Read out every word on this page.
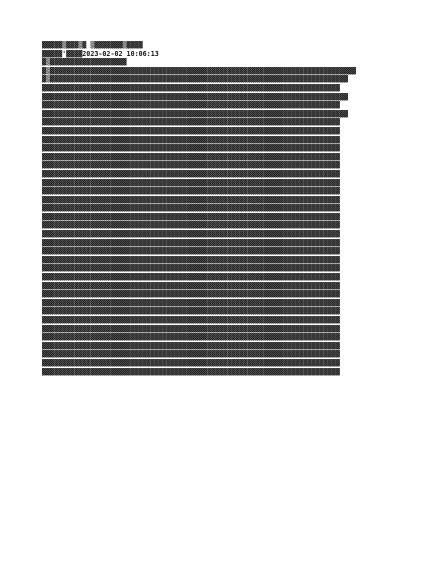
▓▓▓▓▓▒▓▓▓▒▓ ▒▓▓▓▓▓▓▓▒▓▓▓▓

▓▓▓▓▓'▓▓▓▓2023-02-02 10:06:13

▓▒▓▓▓▓▓▓▓▓▓▓▓▓▓▓▓▓▓▓▓

▓▒▓▓▓▓▓▓▓▓▓▓▓▓▓▓▓▓▓▓▓▓▓▓▓▓▓▓▓▓▓▓▓▓▓▓▓▓▓▓▓▓▓▓▓▓▓▓▓▓▓▓▓▓▓▓▓▓▓▓▓▓▓▓▓▓▓▓▓▓▓▓▓▓▓▓▓▓

▓▒▓▓▓▓▓▓▓▓▓▓▓▓▓▓▓▓▓▓▓▓▓▓▓▓▓▓▓▓▓▓▓▓▓▓▓▓▓▓▓▓▓▓▓▓▓▓▓▓▓▓▓▓▓▓▓▓▓▓▓▓▓▓▓▓▓▓▓▓▓▓▓▓▓▓

▓▓▓▓▓▓▓▓▓▓▓▓▓▓▓▓▓▓▓▓▓▓▓▓▓▓▓▓▓▓▓▓▓▓▓▓▓▓▓▓▓▓▓▓▓▓▓▓▓▓▓▓▓▓▓▓▓▓▓▓▓▓▓▓▓▓▓▓▓▓▓▓▓▓

▓▓▓▓▓▓▓▓▓▓▓▓▓▓▓▓▓▓▓▓▓▓▓▓▓▓▓▓▓▓▓▓▓▓▓▓▓▓▓▓▓▓▓▓▓▓▓▓▓▓▓▓▓▓▓▓▓▓▓▓▓▓▓▓▓▓▓▓▓▓▓▓▓▓▓▓

▓▓▓▓▓▓▓▓▓▓▓▓▓▓▓▓▓▓▓▓▓▓▓▓▓▓▓▓▓▓▓▓▓▓▓▓▓▓▓▓▓▓▓▓▓▓▓▓▓▓▓▓▓▓▓▓▓▓▓▓▓▓▓▓▓▓▓▓▓▓▓▓▓▓

▓▓▓▓▓▓▓▓▓▓▓▓▓▓▓▓▓▓▓▓▓▓▓▓▓▓▓▓▓▓▓▓▓▓▓▓▓▓▓▓▓▓▓▓▓▓▓▓▓▓▓▓▓▓▓▓▓▓▓▓▓▓▓▓▓▓▓▓▓▓▓▓▓▓▓▓

▓▓▓▓▓▓▓▓▓▓▓▓▓▓▓▓▓▓▓▓▓▓▓▓▓▓▓▓▓▓▓▓▓▓▓▓▓▓▓▓▓▓▓▓▓▓▓▓▓▓▓▓▓▓▓▓▓▓▓▓▓▓▓▓▓▓▓▓▓▓▓▓▓▓

▓▓▓▓▓▓▓▓▓▓▓▓▓▓▓▓▓▓▓▓▓▓▓▓▓▓▓▓▓▓▓▓▓▓▓▓▓▓▓▓▓▓▓▓▓▓▓▓▓▓▓▓▓▓▓▓▓▓▓▓▓▓▓▓▓▓▓▓▓▓▓▓▓▓

▓▓▓▓▓▓▓▓▓▓▓▓▓▓▓▓▓▓▓▓▓▓▓▓▓▓▓▓▓▓▓▓▓▓▓▓▓▓▓▓▓▓▓▓▓▓▓▓▓▓▓▓▓▓▓▓▓▓▓▓▓▓▓▓▓▓▓▓▓▓▓▓▓▓

▓▓▓▓▓▓▓▓▓▓▓▓▓▓▓▓▓▓▓▓▓▓▓▓▓▓▓▓▓▓▓▓▓▓▓▓▓▓▓▓▓▓▓▓▓▓▓▓▓▓▓▓▓▓▓▓▓▓▓▓▓▓▓▓▓▓▓▓▓▓▓▓▓▓

▓▓▓▓▓▓▓▓▓▓▓▓▓▓▓▓▓▓▓▓▓▓▓▓▓▓▓▓▓▓▓▓▓▓▓▓▓▓▓▓▓▓▓▓▓▓▓▓▓▓▓▓▓▓▓▓▓▓▓▓▓▓▓▓▓▓▓▓▓▓▓▓▓▓

▓▓▓▓▓▓▓▓▓▓▓▓▓▓▓▓▓▓▓▓▓▓▓▓▓▓▓▓▓▓▓▓▓▓▓▓▓▓▓▓▓▓▓▓▓▓▓▓▓▓▓▓▓▓▓▓▓▓▓▓▓▓▓▓▓▓▓▓▓▓▓▓▓▓

▓▓▓▓▓▓▓▓▓▓▓▓▓▓▓▓▓▓▓▓▓▓▓▓▓▓▓▓▓▓▓▓▓▓▓▓▓▓▓▓▓▓▓▓▓▓▓▓▓▓▓▓▓▓▓▓▓▓▓▓▓▓▓▓▓▓▓▓▓▓▓▓▓▓

▓▓▓▓▓▓▓▓▓▓▓▓▓▓▓▓▓▓▓▓▓▓▓▓▓▓▓▓▓▓▓▓▓▓▓▓▓▓▓▓▓▓▓▓▓▓▓▓▓▓▓▓▓▓▓▓▓▓▓▓▓▓▓▓▓▓▓▓▓▓▓▓▓▓

▓▓▓▓▓▓▓▓▓▓▓▓▓▓▓▓▓▓▓▓▓▓▓▓▓▓▓▓▓▓▓▓▓▓▓▓▓▓▓▓▓▓▓▓▓▓▓▓▓▓▓▓▓▓▓▓▓▓▓▓▓▓▓▓▓▓▓▓▓▓▓▓▓▓

▓▓▓▓▓▓▓▓▓▓▓▓▓▓▓▓▓▓▓▓▓▓▓▓▓▓▓▓▓▓▓▓▓▓▓▓▓▓▓▓▓▓▓▓▓▓▓▓▓▓▓▓▓▓▓▓▓▓▓▓▓▓▓▓▓▓▓▓▓▓▓▓▓▓

▓▓▓▓▓▓▓▓▓▓▓▓▓▓▓▓▓▓▓▓▓▓▓▓▓▓▓▓▓▓▓▓▓▓▓▓▓▓▓▓▓▓▓▓▓▓▓▓▓▓▓▓▓▓▓▓▓▓▓▓▓▓▓▓▓▓▓▓▓▓▓▓▓▓

▓▓▓▓▓▓▓▓▓▓▓▓▓▓▓▓▓▓▓▓▓▓▓▓▓▓▓▓▓▓▓▓▓▓▓▓▓▓▓▓▓▓▓▓▓▓▓▓▓▓▓▓▓▓▓▓▓▓▓▓▓▓▓▓▓▓▓▓▓▓▓▓▓▓

▓▓▓▓▓▓▓▓▓▓▓▓▓▓▓▓▓▓▓▓▓▓▓▓▓▓▓▓▓▓▓▓▓▓▓▓▓▓▓▓▓▓▓▓▓▓▓▓▓▓▓▓▓▓▓▓▓▓▓▓▓▓▓▓▓▓▓▓▓▓▓▓▓▓

▓▓▓▓▓▓▓▓▓▓▓▓▓▓▓▓▓▓▓▓▓▓▓▓▓▓▓▓▓▓▓▓▓▓▓▓▓▓▓▓▓▓▓▓▓▓▓▓▓▓▓▓▓▓▓▓▓▓▓▓▓▓▓▓▓▓▓▓▓▓▓▓▓▓

▓▓▓▓▓▓▓▓▓▓▓▓▓▓▓▓▓▓▓▓▓▓▓▓▓▓▓▓▓▓▓▓▓▓▓▓▓▓▓▓▓▓▓▓▓▓▓▓▓▓▓▓▓▓▓▓▓▓▓▓▓▓▓▓▓▓▓▓▓▓▓▓▓▓

▓▓▓▓▓▓▓▓▓▓▓▓▓▓▓▓▓▓▓▓▓▓▓▓▓▓▓▓▓▓▓▓▓▓▓▓▓▓▓▓▓▓▓▓▓▓▓▓▓▓▓▓▓▓▓▓▓▓▓▓▓▓▓▓▓▓▓▓▓▓▓▓▓▓

▓▓▓▓▓▓▓▓▓▓▓▓▓▓▓▓▓▓▓▓▓▓▓▓▓▓▓▓▓▓▓▓▓▓▓▓▓▓▓▓▓▓▓▓▓▓▓▓▓▓▓▓▓▓▓▓▓▓▓▓▓▓▓▓▓▓▓▓▓▓▓▓▓▓

▓▓▓▓▓▓▓▓▓▓▓▓▓▓▓▓▓▓▓▓▓▓▓▓▓▓▓▓▓▓▓▓▓▓▓▓▓▓▓▓▓▓▓▓▓▓▓▓▓▓▓▓▓▓▓▓▓▓▓▓▓▓▓▓▓▓▓▓▓▓▓▓▓▓

▓▓▓▓▓▓▓▓▓▓▓▓▓▓▓▓▓▓▓▓▓▓▓▓▓▓▓▓▓▓▓▓▓▓▓▓▓▓▓▓▓▓▓▓▓▓▓▓▓▓▓▓▓▓▓▓▓▓▓▓▓▓▓▓▓▓▓▓▓▓▓▓▓▓

▓▓▓▓▓▓▓▓▓▓▓▓▓▓▓▓▓▓▓▓▓▓▓▓▓▓▓▓▓▓▓▓▓▓▓▓▓▓▓▓▓▓▓▓▓▓▓▓▓▓▓▓▓▓▓▓▓▓▓▓▓▓▓▓▓▓▓▓▓▓▓▓▓▓

▓▓▓▓▓▓▓▓▓▓▓▓▓▓▓▓▓▓▓▓▓▓▓▓▓▓▓▓▓▓▓▓▓▓▓▓▓▓▓▓▓▓▓▓▓▓▓▓▓▓▓▓▓▓▓▓▓▓▓▓▓▓▓▓▓▓▓▓▓▓▓▓▓▓

▓▓▓▓▓▓▓▓▓▓▓▓▓▓▓▓▓▓▓▓▓▓▓▓▓▓▓▓▓▓▓▓▓▓▓▓▓▓▓▓▓▓▓▓▓▓▓▓▓▓▓▓▓▓▓▓▓▓▓▓▓▓▓▓▓▓▓▓▓▓▓▓▓▓

▓▓▓▓▓▓▓▓▓▓▓▓▓▓▓▓▓▓▓▓▓▓▓▓▓▓▓▓▓▓▓▓▓▓▓▓▓▓▓▓▓▓▓▓▓▓▓▓▓▓▓▓▓▓▓▓▓▓▓▓▓▓▓▓▓▓▓▓▓▓▓▓▓▓

▓▓▓▓▓▓▓▓▓▓▓▓▓▓▓▓▓▓▓▓▓▓▓▓▓▓▓▓▓▓▓▓▓▓▓▓▓▓▓▓▓▓▓▓▓▓▓▓▓▓▓▓▓▓▓▓▓▓▓▓▓▓▓▓▓▓▓▓▓▓▓▓▓▓

▓▓▓▓▓▓▓▓▓▓▓▓▓▓▓▓▓▓▓▓▓▓▓▓▓▓▓▓▓▓▓▓▓▓▓▓▓▓▓▓▓▓▓▓▓▓▓▓▓▓▓▓▓▓▓▓▓▓▓▓▓▓▓▓▓▓▓▓▓▓▓▓▓▓

▓▓▓▓▓▓▓▓▓▓▓▓▓▓▓▓▓▓▓▓▓▓▓▓▓▓▓▓▓▓▓▓▓▓▓▓▓▓▓▓▓▓▓▓▓▓▓▓▓▓▓▓▓▓▓▓▓▓▓▓▓▓▓▓▓▓▓▓▓▓▓▓▓▓

▓▓▓▓▓▓▓▓▓▓▓▓▓▓▓▓▓▓▓▓▓▓▓▓▓▓▓▓▓▓▓▓▓▓▓▓▓▓▓▓▓▓▓▓▓▓▓▓▓▓▓▓▓▓▓▓▓▓▓▓▓▓▓▓▓▓▓▓▓▓▓▓▓▓

▓▓▓▓▓▓▓▓▓▓▓▓▓▓▓▓▓▓▓▓▓▓▓▓▓▓▓▓▓▓▓▓▓▓▓▓▓▓▓▓▓▓▓▓▓▓▓▓▓▓▓▓▓▓▓▓▓▓▓▓▓▓▓▓▓▓▓▓▓▓▓▓▓▓

▓▓▓▓▓▓▓▓▓▓▓▓▓▓▓▓▓▓▓▓▓▓▓▓▓▓▓▓▓▓▓▓▓▓▓▓▓▓▓▓▓▓▓▓▓▓▓▓▓▓▓▓▓▓▓▓▓▓▓▓▓▓▓▓▓▓▓▓▓▓▓▓▓▓

▓▓▓▓▓▓▓▓▓▓▓▓▓▓▓▓▓▓▓▓▓▓▓▓▓▓▓▓▓▓▓▓▓▓▓▓▓▓▓▓▓▓▓▓▓▓▓▓▓▓▓▓▓▓▓▓▓▓▓▓▓▓▓▓▓▓▓▓▓▓▓▓▓▓
